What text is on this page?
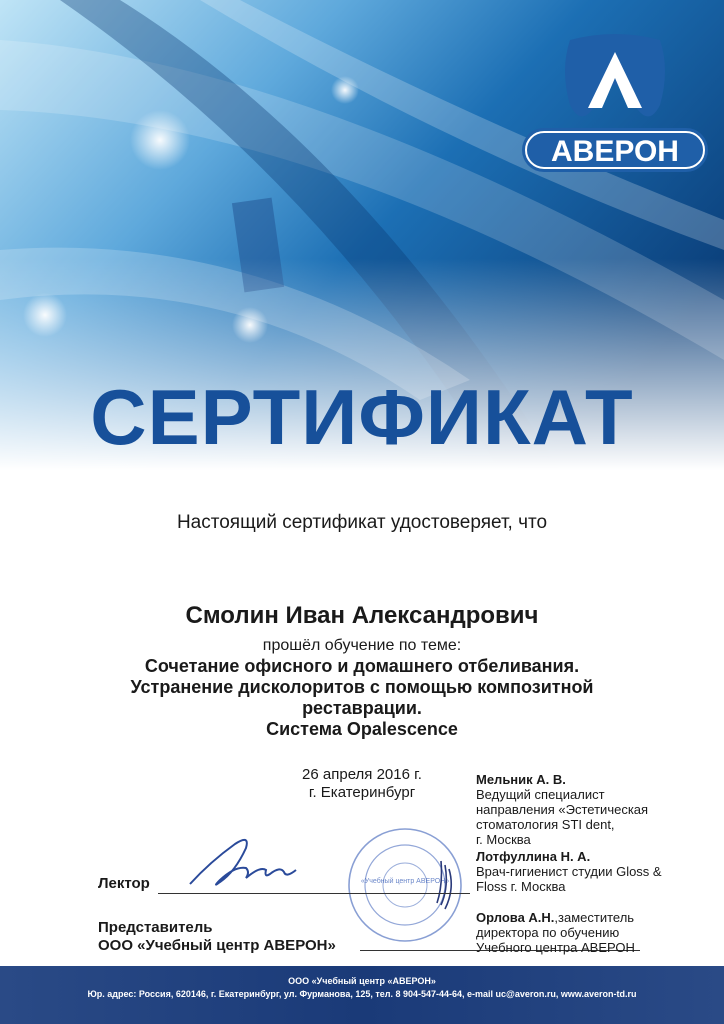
АВЕРОН
СЕРТИФИКАТ
Настоящий сертификат удостоверяет, что
Смолин Иван Александрович
прошёл обучение по теме:
Сочетание офисного и домашнего отбеливания.
Устранение дисколоритов с помощью композитной
реставрации.
Система Opalescence
26 апреля 2016 г.
г. Екатеринбург
«Учебный центр АВЕРОН»
Лектор
Представитель
ООО «Учебный центр АВЕРОН»
Мельник А. В.
Ведущий специалист
направления «Эстетическая
стоматология STI dent,
г. Москва
Лотфуллина Н. А.
Врач-гигиенист студии Gloss &
Floss г. Москва
Орлова А.Н.,заместитель
директора по обучению
Учебного центра АВЕРОН
ООО «Учебный центр «АВЕРОН»
Юр. адрес: Россия, 620146, г. Екатеринбург, ул. Фурманова, 125, тел. 8 904-547-44-64, e-mail uc@averon.ru, www.averon-td.ru
